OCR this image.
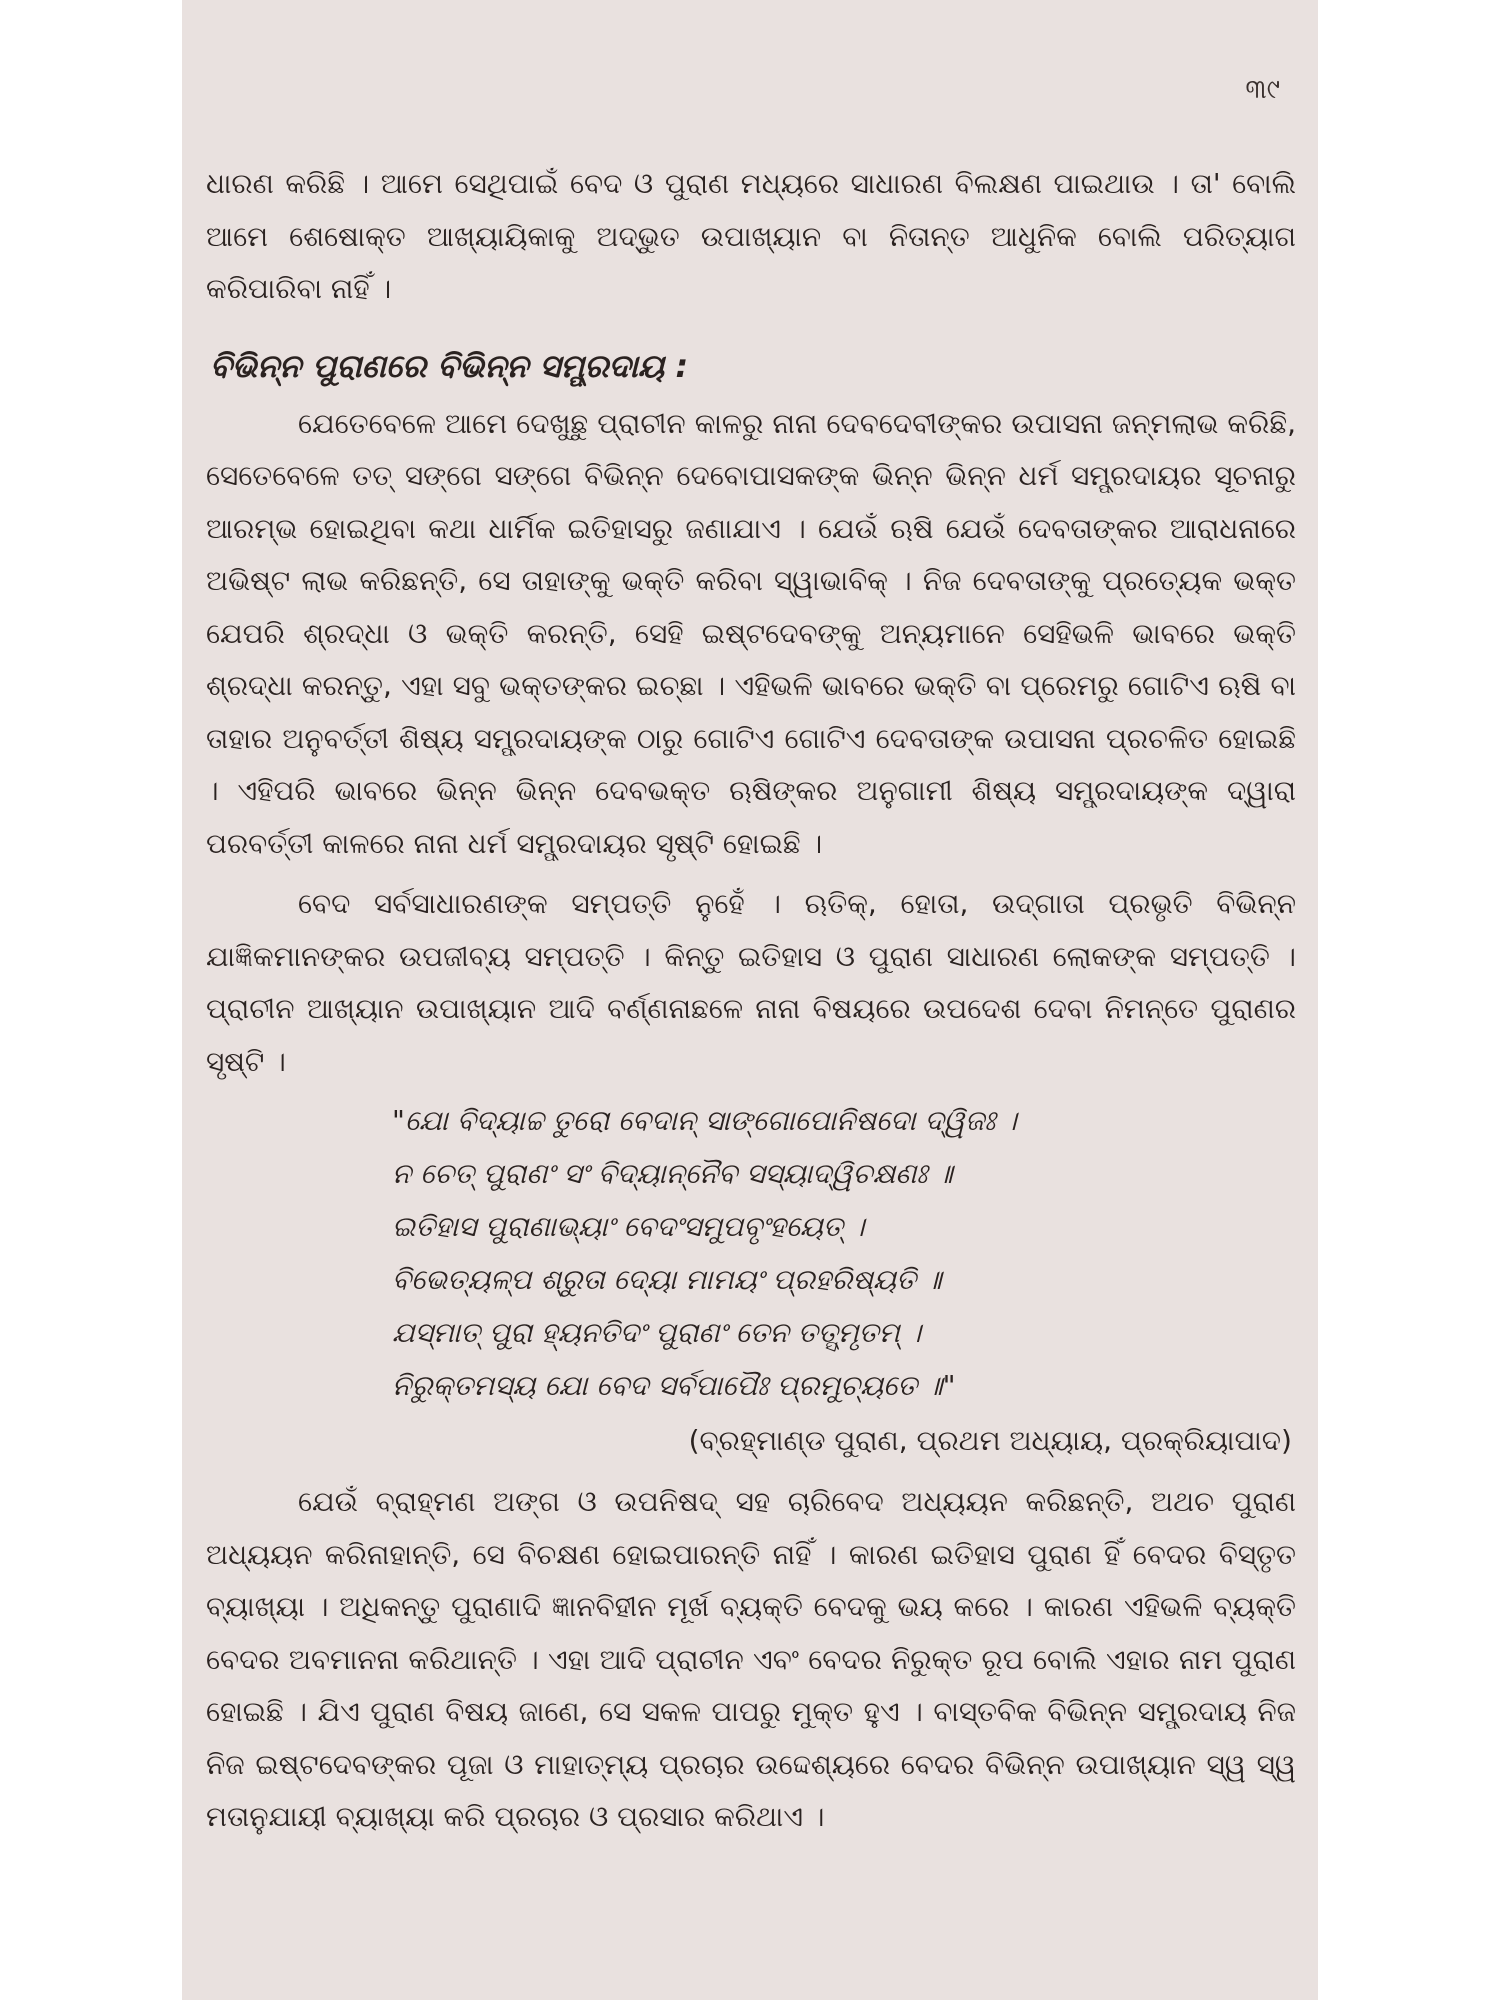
୩୯

ଧାରଣ କରିଛି । ଆମେ ସେଥିପାଇଁ ବେଦ ଓ ପୁରାଣ ମଧ୍ୟରେ ସାଧାରଣ ବିଲକ୍ଷଣ ପାଇଥାଉ । ତା' ବୋଲି ଆମେ ଶେଷୋକ୍ତ ଆଖ୍ୟାୟିକାକୁ ଅଦ୍ଭୁତ ଉପାଖ୍ୟାନ ବା ନିତାନ୍ତ ଆଧୁନିକ ବୋଲି ପରିତ୍ୟାଗ କରିପାରିବା ନାହିଁ ।

ବିଭିନ୍ନ ପୁରାଣରେ ବିଭିନ୍ନ ସମ୍ପ୍ରଦାୟ :

ଯେତେବେଳେ ଆମେ ଦେଖୁଛୁ ପ୍ରାଚୀନ କାଳରୁ ନାନା ଦେବଦେବୀଙ୍କର ଉପାସନା ଜନ୍ମଲାଭ କରିଛି, ସେତେବେଳେ ତତ୍ ସଙ୍ଗେ ସଙ୍ଗେ ବିଭିନ୍ନ ଦେବୋପାସକଙ୍କ ଭିନ୍ନ ଭିନ୍ନ ଧର୍ମ ସମ୍ପ୍ରଦାୟର ସୂଚନାରୁ ଆରମ୍ଭ ହୋଇଥିବା କଥା ଧାର୍ମିକ ଇତିହାସରୁ ଜଣାଯାଏ । ଯେଉଁ ଋଷି ଯେଉଁ ଦେବତାଙ୍କର ଆରାଧନାରେ ଅଭିଷ୍ଟ ଲାଭ କରିଛନ୍ତି, ସେ ତାହାଙ୍କୁ ଭକ୍ତି କରିବା ସ୍ୱାଭାବିକ୍ । ନିଜ ଦେବତାଙ୍କୁ ପ୍ରତ୍ୟେକ ଭକ୍ତ ଯେପରି ଶ୍ରଦ୍ଧା ଓ ଭକ୍ତି କରନ୍ତି, ସେହି ଇଷ୍ଟଦେବଙ୍କୁ ଅନ୍ୟମାନେ ସେହିଭଳି ଭାବରେ ଭକ୍ତି ଶ୍ରଦ୍ଧା କରନ୍ତୁ, ଏହା ସବୁ ଭକ୍ତଙ୍କର ଇଚ୍ଛା । ଏହିଭଳି ଭାବରେ ଭକ୍ତି ବା ପ୍ରେମରୁ ଗୋଟିଏ ଋଷି ବା ତାହାର ଅନୁବର୍ତ୍ତୀ ଶିଷ୍ୟ ସମ୍ପ୍ରଦାୟଙ୍କ ଠାରୁ ଗୋଟିଏ ଗୋଟିଏ ଦେବତାଙ୍କ ଉପାସନା ପ୍ରଚଳିତ ହୋଇଛି । ଏହିପରି ଭାବରେ ଭିନ୍ନ ଭିନ୍ନ ଦେବଭକ୍ତ ଋଷିଙ୍କର ଅନୁଗାମୀ ଶିଷ୍ୟ ସମ୍ପ୍ରଦାୟଙ୍କ ଦ୍ୱାରା ପରବର୍ତ୍ତୀ କାଳରେ ନାନା ଧର୍ମ ସମ୍ପ୍ରଦାୟର ସୃଷ୍ଟି ହୋଇଛି ।

ବେଦ ସର୍ବସାଧାରଣଙ୍କ ସମ୍ପତ୍ତି ନୁହେଁ । ଋତିକ୍, ହୋତା, ଉଦ୍‌ଗାତା ପ୍ରଭୃତି ବିଭିନ୍ନ ଯାଜ୍ଞିକମାନଙ୍କର ଉପଜୀବ୍ୟ ସମ୍ପତ୍ତି । କିନ୍ତୁ ଇତିହାସ ଓ ପୁରାଣ ସାଧାରଣ ଲୋକଙ୍କ ସମ୍ପତ୍ତି । ପ୍ରାଚୀନ ଆଖ୍ୟାନ ଉପାଖ୍ୟାନ ଆଦି ବର୍ଣ୍ଣନାଛଳେ ନାନା ବିଷୟରେ ଉପଦେଶ ଦେବା ନିମନ୍ତେ ପୁରାଣର ସୃଷ୍ଟି ।

"ଯୋ ବିଦ୍ୟାଚ୍ଚ ତୁରୋ ବେଦାନ୍ ସାଙ୍ଗୋପୋନିଷଦୋ ଦ୍ୱିଜଃ ।
ନ ଚେତ୍ ପୁରାଣଂ ସଂ ବିଦ୍ୟାନ୍ନୈବ ସସ୍ୟାଦ୍ୱିଚକ୍ଷଣଃ ॥
ଇତିହାସ ପୁରାଣାଭ୍ୟାଂ ବେଦଂସମୁପବୃଂହୟେତ୍ ।
ବିଭେତ୍ୟଳ୍ପ ଶ୍ରୁତା ଦ୍ୟୋ ମାମୟଂ ପ୍ରହରିଷ୍ୟତି ॥
ଯସ୍ମାତ୍ ପୁରା ହ୍ୟନତିଦଂ ପୁରାଣଂ ତେନ ତତ୍ସ୍ମୃତମ୍ ।
ନିରୁକ୍ତମସ୍ୟ ଯୋ ବେଦ ସର୍ବପାପୈଃ ପ୍ରମୁଚ୍ୟତେ ॥"
(ବ୍ରହ୍ମାଣ୍ଡ ପୁରାଣ, ପ୍ରଥମ ଅଧ୍ୟାୟ, ପ୍ରକ୍ରିୟାପାଦ)

ଯେଉଁ ବ୍ରାହ୍ମଣ ଅଙ୍ଗ ଓ ଉପନିଷଦ୍ ସହ ଚାରିବେଦ ଅଧ୍ୟୟନ କରିଛନ୍ତି, ଅଥଚ ପୁରାଣ ଅଧ୍ୟୟନ କରିନାହାନ୍ତି, ସେ ବିଚକ୍ଷଣ ହୋଇପାରନ୍ତି ନାହିଁ । କାରଣ ଇତିହାସ ପୁରାଣ ହିଁ ବେଦର ବିସ୍ତୃତ ବ୍ୟାଖ୍ୟା । ଅଧିକନ୍ତୁ ପୁରାଣାଦି ଜ୍ଞାନବିହୀନ ମୂର୍ଖ ବ୍ୟକ୍ତି ବେଦକୁ ଭୟ କରେ । କାରଣ ଏହିଭଳି ବ୍ୟକ୍ତି ବେଦର ଅବମାନନା କରିଥାନ୍ତି । ଏହା ଆଦି ପ୍ରାଚୀନ ଏବଂ ବେଦର ନିରୁକ୍ତ ରୂପ ବୋଲି ଏହାର ନାମ ପୁରାଣ ହୋଇଛି । ଯିଏ ପୁରାଣ ବିଷୟ ଜାଣେ, ସେ ସକଳ ପାପରୁ ମୁକ୍ତ ହୁଏ । ବାସ୍ତବିକ ବିଭିନ୍ନ ସମ୍ପ୍ରଦାୟ ନିଜ ନିଜ ଇଷ୍ଟଦେବଙ୍କର ପୂଜା ଓ ମାହାତ୍ମ୍ୟ ପ୍ରଚାର ଉଦ୍ଦେଶ୍ୟରେ ବେଦର ବିଭିନ୍ନ ଉପାଖ୍ୟାନ ସ୍ୱ ସ୍ୱ ମତାନୁଯାୟୀ ବ୍ୟାଖ୍ୟା କରି ପ୍ରଚାର ଓ ପ୍ରସାର କରିଥାଏ ।
